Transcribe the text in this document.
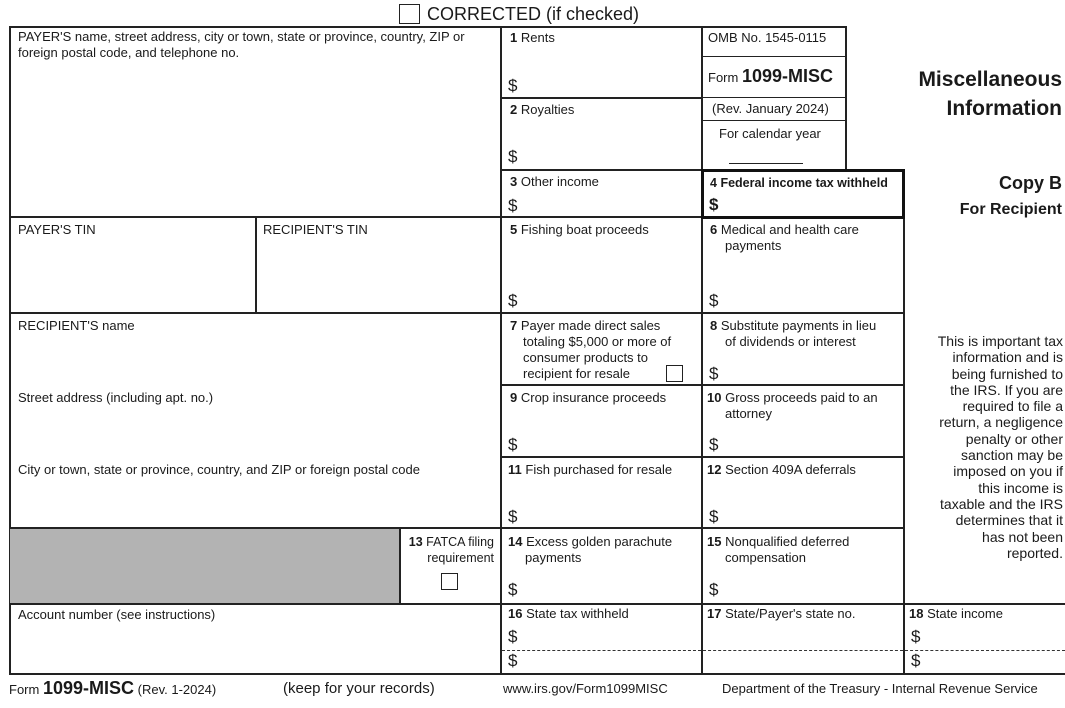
CORRECTED (if checked)
PAYER'S name, street address, city or town, state or province, country, ZIP or foreign postal code, and telephone no.
PAYER'S TIN	RECIPIENT'S TIN
RECIPIENT'S name
Street address (including apt. no.)
City or town, state or province, country, and ZIP or foreign postal code
13 FATCA filing
requirement
Account number (see instructions)
1 Rents
$
2 Royalties
$
3 Other income
$
OMB No. 1545-0115
Form 1099-MISC
(Rev. January 2024)
For calendar year
Miscellaneous
Information
4 Federal income tax withheld
$
Copy B
For Recipient
5 Fishing boat proceeds
$
6 Medical and health care
payments
$
7 Payer made direct sales
totaling $5,000 or more of
consumer products to
recipient for resale
8 Substitute payments in lieu
of dividends or interest
$
9 Crop insurance proceeds
$
10 Gross proceeds paid to an
attorney
$
11 Fish purchased for resale
$
12 Section 409A deferrals
$
14 Excess golden parachute
payments
$
15 Nonqualified deferred
compensation
$
16 State tax withheld
$
$
17 State/Payer's state no.	18 State income
$
$
This is important tax
information and is
being furnished to
the IRS. If you are
required to file a
return, a negligence
penalty or other
sanction may be
imposed on you if
this income is
taxable and the IRS
determines that it
has not been
reported.
Form 1099-MISC (Rev. 1-2024)	(keep for your records)	www.irs.gov/Form1099MISC	Department of the Treasury - Internal Revenue Service
